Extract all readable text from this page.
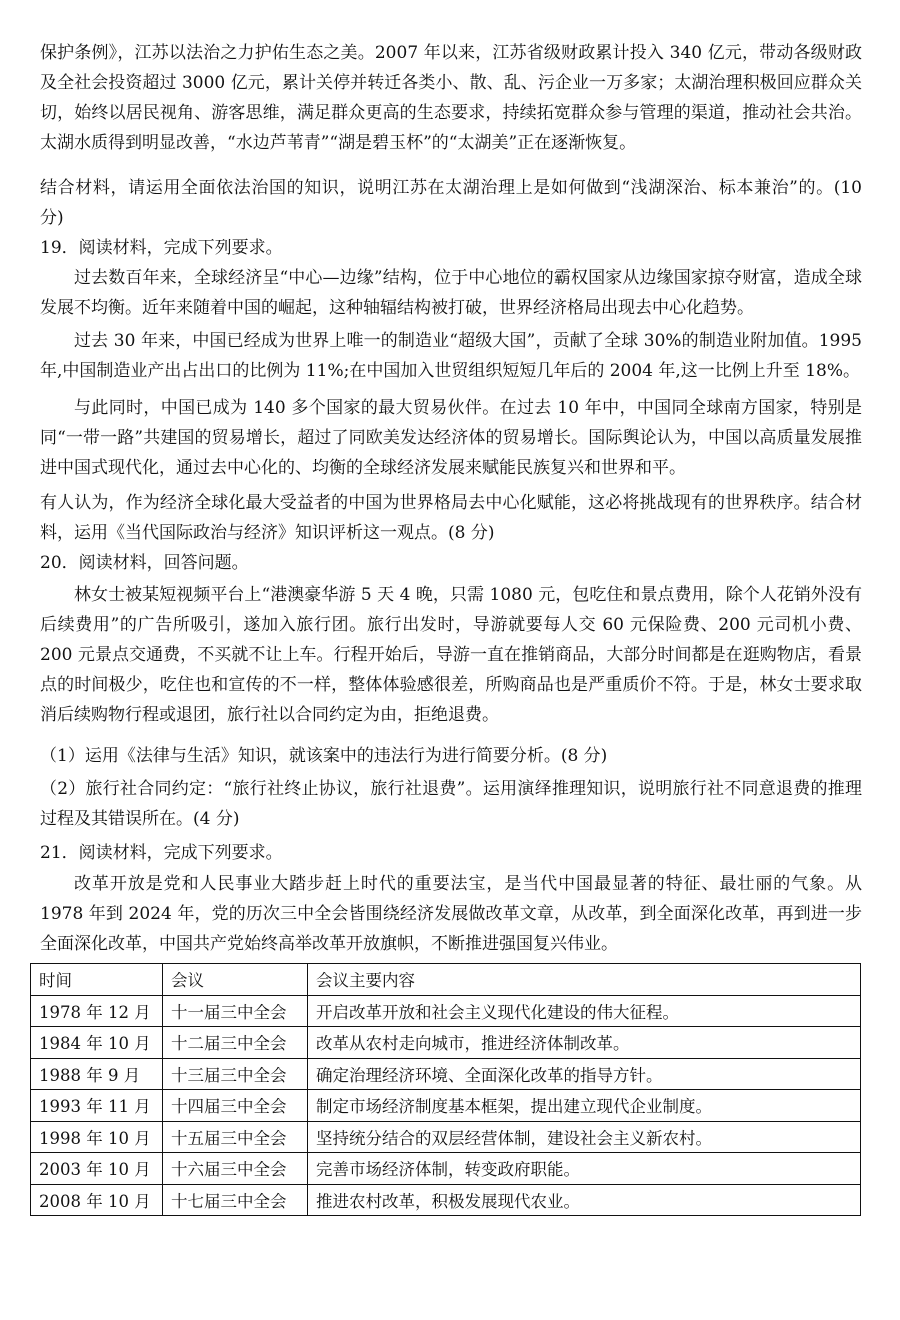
保护条例》，江苏以法治之力护佑生态之美。2007 年以来，江苏省级财政累计投入 340 亿元，带动各级财政及全社会投资超过 3000 亿元，累计关停并转迁各类小、散、乱、污企业一万多家；太湖治理积极回应群众关切，始终以居民视角、游客思维，满足群众更高的生态要求，持续拓宽群众参与管理的渠道，推动社会共治。太湖水质得到明显改善，“水边芦苇青”“湖是碧玉杯”的“太湖美”正在逐渐恢复。

结合材料，请运用全面依法治国的知识，说明江苏在太湖治理上是如何做到“浅湖深治、标本兼治”的。(10 分)

19．阅读材料，完成下列要求。

过去数百年来，全球经济呈“中心—边缘”结构，位于中心地位的霸权国家从边缘国家掠夺财富，造成全球发展不均衡。近年来随着中国的崛起，这种轴辐结构被打破，世界经济格局出现去中心化趋势。

过去 30 年来，中国已经成为世界上唯一的制造业“超级大国”，贡献了全球 30%的制造业附加值。1995 年,中国制造业产出占出口的比例为 11%;在中国加入世贸组织短短几年后的 2004 年,这一比例上升至 18%。

与此同时，中国已成为 140 多个国家的最大贸易伙伴。在过去 10 年中，中国同全球南方国家，特别是同“一带一路”共建国的贸易增长，超过了同欧美发达经济体的贸易增长。国际舆论认为，中国以高质量发展推进中国式现代化，通过去中心化的、均衡的全球经济发展来赋能民族复兴和世界和平。

有人认为，作为经济全球化最大受益者的中国为世界格局去中心化赋能，这必将挑战现有的世界秩序。结合材料，运用《当代国际政治与经济》知识评析这一观点。(8 分)

20．阅读材料，回答问题。

林女士被某短视频平台上“港澳豪华游 5 天 4 晚，只需 1080 元，包吃住和景点费用，除个人花销外没有后续费用”的广告所吸引，遂加入旅行团。旅行出发时，导游就要每人交 60 元保险费、200 元司机小费、200 元景点交通费，不买就不让上车。行程开始后，导游一直在推销商品，大部分时间都是在逛购物店，看景点的时间极少，吃住也和宣传的不一样，整体体验感很差，所购商品也是严重质价不符。于是，林女士要求取消后续购物行程或退团，旅行社以合同约定为由，拒绝退费。

（1）运用《法律与生活》知识，就该案中的违法行为进行简要分析。(8 分)

（2）旅行社合同约定：“旅行社终止协议，旅行社退费”。运用演绎推理知识，说明旅行社不同意退费的推理过程及其错误所在。(4 分)

21．阅读材料，完成下列要求。

改革开放是党和人民事业大踏步赶上时代的重要法宝，是当代中国最显著的特征、最壮丽的气象。从 1978 年到 2024 年，党的历次三中全会皆围绕经济发展做改革文章，从改革，到全面深化改革，再到进一步全面深化改革，中国共产党始终高举改革开放旗帜，不断推进强国复兴伟业。

时间	会议	会议主要内容
1978 年 12 月	十一届三中全会	开启改革开放和社会主义现代化建设的伟大征程。
1984 年 10 月	十二届三中全会	改革从农村走向城市，推进经济体制改革。
1988 年 9 月	十三届三中全会	确定治理经济环境、全面深化改革的指导方针。
1993 年 11 月	十四届三中全会	制定市场经济制度基本框架，提出建立现代企业制度。
1998 年 10 月	十五届三中全会	坚持统分结合的双层经营体制，建设社会主义新农村。
2003 年 10 月	十六届三中全会	完善市场经济体制，转变政府职能。
2008 年 10 月	十七届三中全会	推进农村改革，积极发展现代农业。
